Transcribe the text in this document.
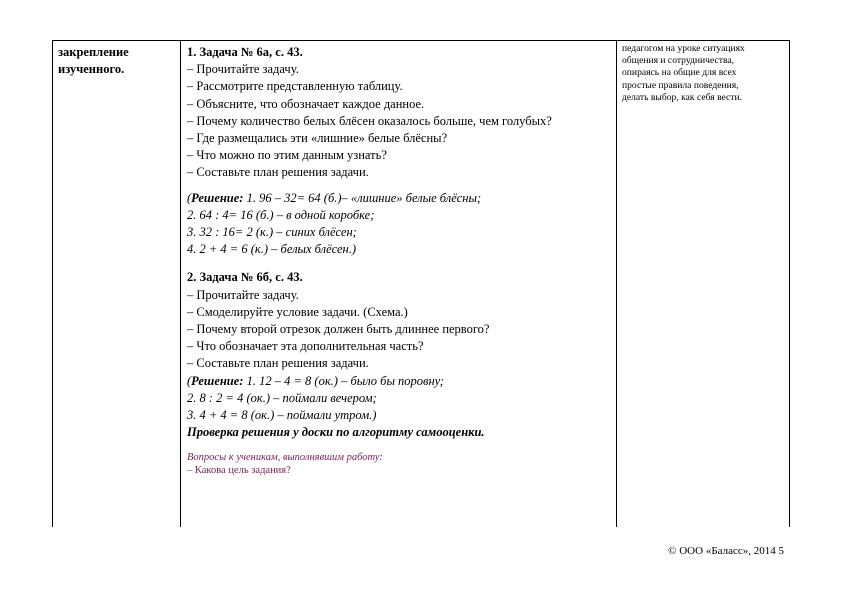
закрепление
изученного.
1. Задача № 6а, с. 43.
– Прочитайте задачу.
– Рассмотрите представленную таблицу.
– Объясните, что обозначает каждое данное.
– Почему количество белых блёсен оказалось больше, чем голубых?
– Где размещались эти «лишние» белые блёсны?
– Что можно по этим данным узнать?
– Составьте план решения задачи.
(Решение: 1. 96 – 32= 64 (б.)– «лишние» белые блёсны;
2. 64 : 4= 16 (б.) – в одной коробке;
3. 32 : 16= 2 (к.) – синих блёсен;
4. 2 + 4 = 6 (к.) – белых блёсен.)
2. Задача № 6б, с. 43.
– Прочитайте задачу.
– Смоделируйте условие задачи. (Схема.)
– Почему второй отрезок должен быть длиннее первого?
– Что обозначает эта дополнительная часть?
– Составьте план решения задачи.
(Решение: 1. 12 – 4 = 8 (ок.) – было бы поровну;
2. 8 : 2 = 4 (ок.) – поймали вечером;
3. 4 + 4 = 8 (ок.) – поймали утром.)
Проверка решения у доски по алгоритму самооценки.
Вопросы к ученикам, выполнявшим работу:
– Какова цель задания?
педагогом на уроке ситуациях
общения и сотрудничества,
опираясь на общие для всех
простые правила поведения,
делать выбор, как себя вести.
© ООО «Баласс», 2014 5
